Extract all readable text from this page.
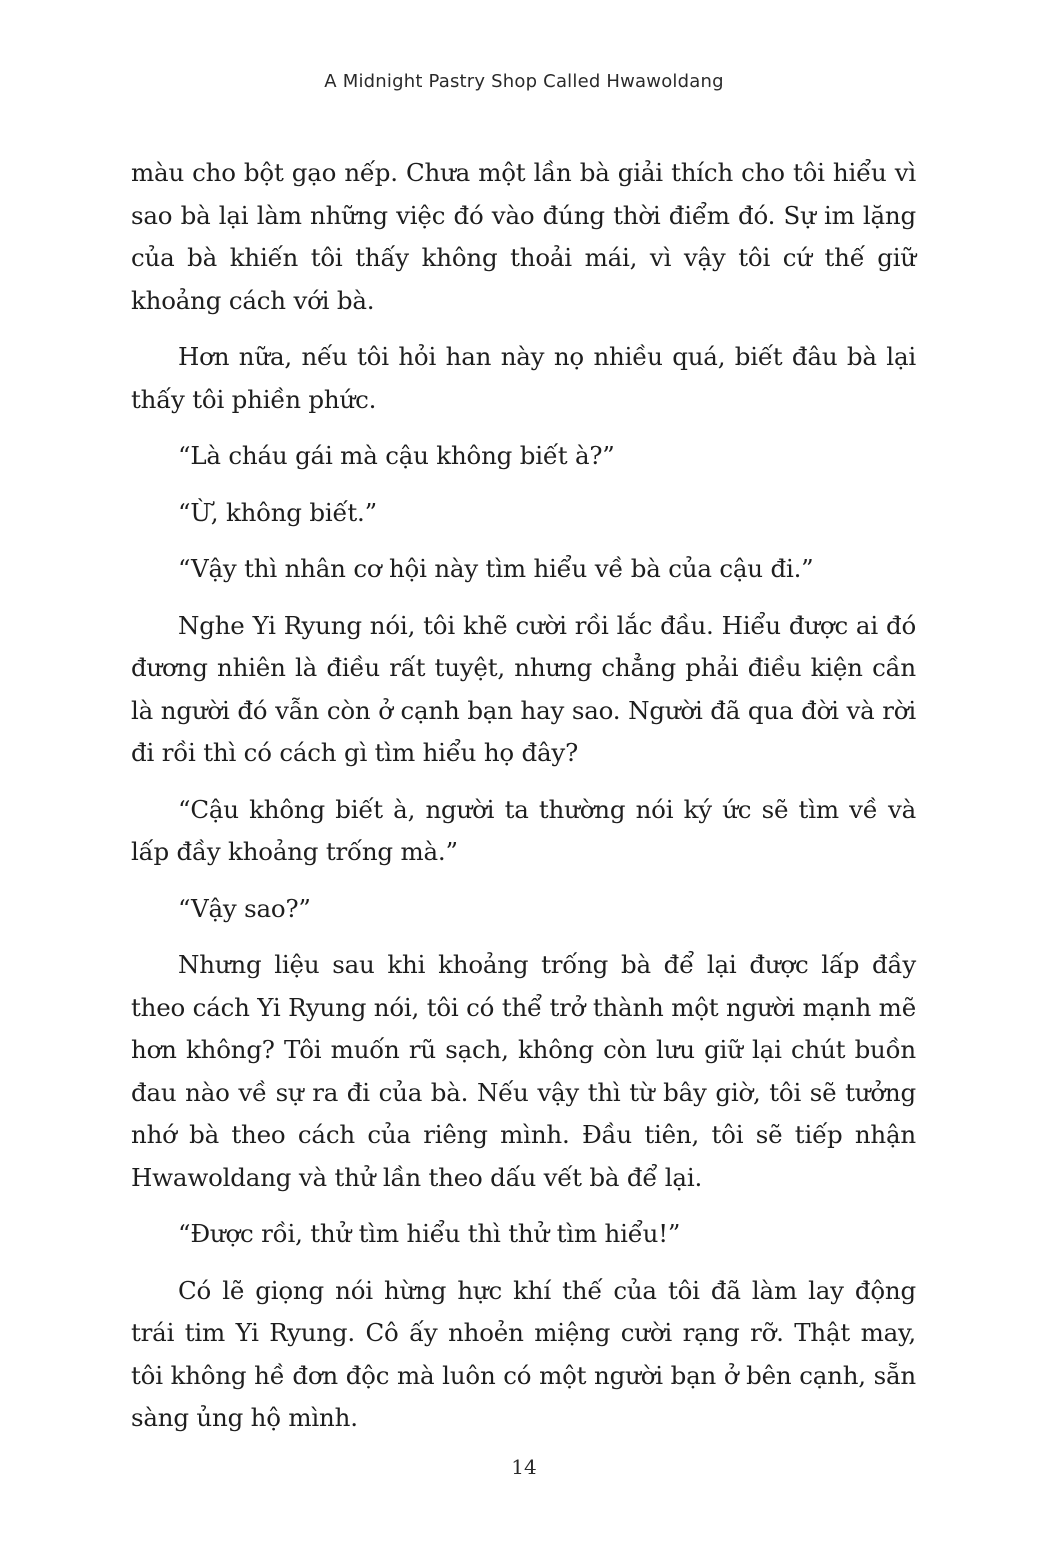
A Midnight Pastry Shop Called Hwawoldang

màu cho bột gạo nếp. Chưa một lần bà giải thích cho tôi hiểu vì sao bà lại làm những việc đó vào đúng thời điểm đó. Sự im lặng của bà khiến tôi thấy không thoải mái, vì vậy tôi cứ thế giữ khoảng cách với bà.

Hơn nữa, nếu tôi hỏi han này nọ nhiều quá, biết đâu bà lại thấy tôi phiền phức.

“Là cháu gái mà cậu không biết à?”

“Ừ, không biết.”

“Vậy thì nhân cơ hội này tìm hiểu về bà của cậu đi.”

Nghe Yi Ryung nói, tôi khẽ cười rồi lắc đầu. Hiểu được ai đó đương nhiên là điều rất tuyệt, nhưng chẳng phải điều kiện cần là người đó vẫn còn ở cạnh bạn hay sao. Người đã qua đời và rời đi rồi thì có cách gì tìm hiểu họ đây?

“Cậu không biết à, người ta thường nói ký ức sẽ tìm về và lấp đầy khoảng trống mà.”

“Vậy sao?”

Nhưng liệu sau khi khoảng trống bà để lại được lấp đầy theo cách Yi Ryung nói, tôi có thể trở thành một người mạnh mẽ hơn không? Tôi muốn rũ sạch, không còn lưu giữ lại chút buồn đau nào về sự ra đi của bà. Nếu vậy thì từ bây giờ, tôi sẽ tưởng nhớ bà theo cách của riêng mình. Đầu tiên, tôi sẽ tiếp nhận Hwawoldang và thử lần theo dấu vết bà để lại.

“Được rồi, thử tìm hiểu thì thử tìm hiểu!”

Có lẽ giọng nói hừng hực khí thế của tôi đã làm lay động trái tim Yi Ryung. Cô ấy nhoẻn miệng cười rạng rỡ. Thật may, tôi không hề đơn độc mà luôn có một người bạn ở bên cạnh, sẵn sàng ủng hộ mình.

14
